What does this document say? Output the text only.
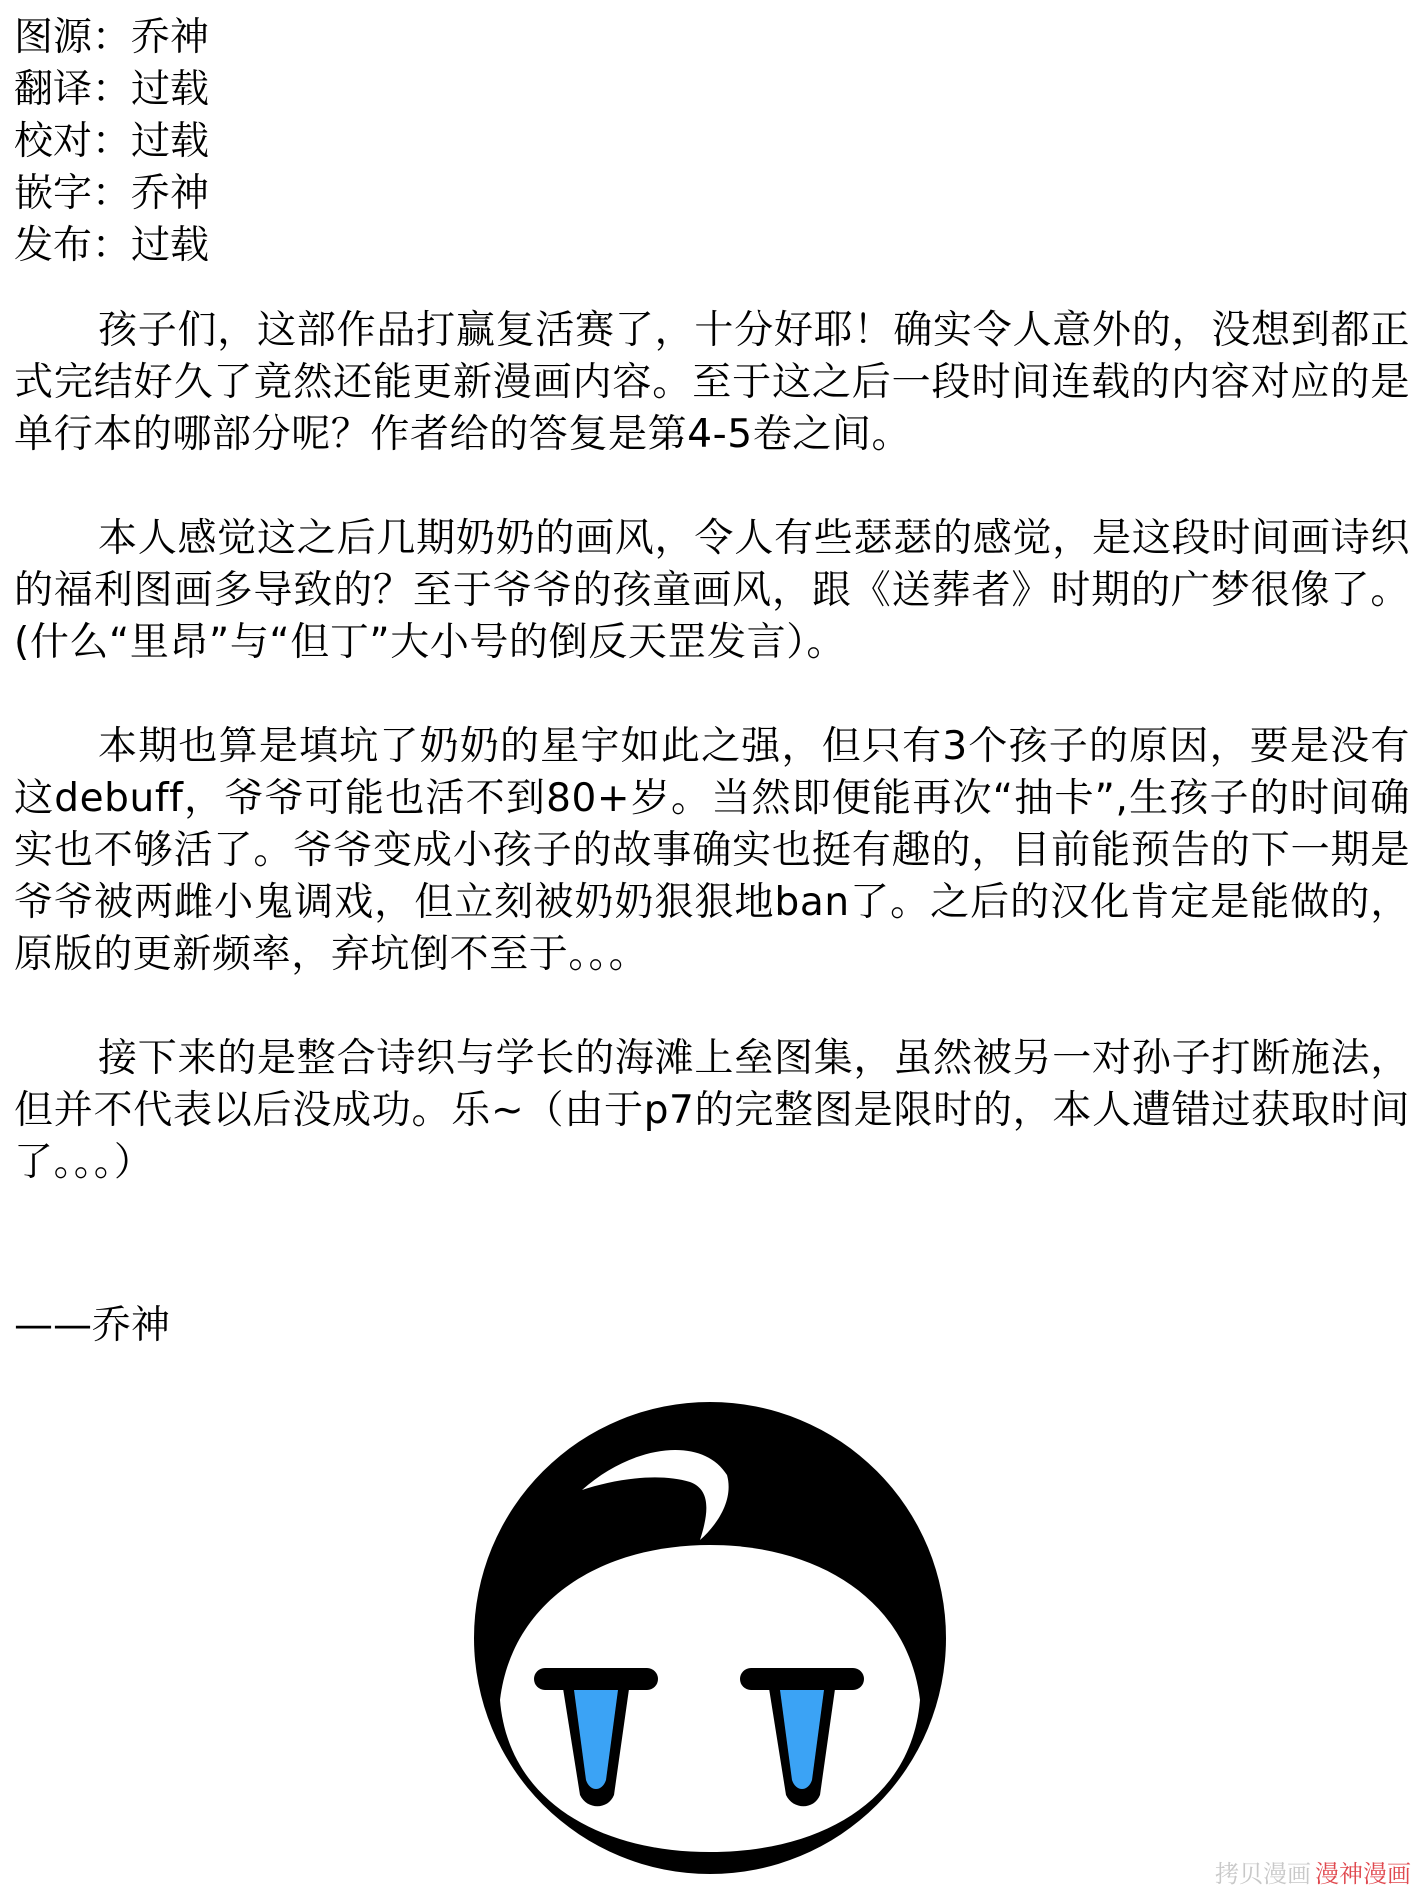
图源：乔神
翻译：过载
校对：过载
嵌字：乔神
发布：过载

孩子们，这部作品打赢复活赛了，十分好耶！确实令人意外的，没想到都正式完结好久了竟然还能更新漫画内容。至于这之后一段时间连载的内容对应的是单行本的哪部分呢？作者给的答复是第4-5卷之间。

本人感觉这之后几期奶奶的画风，令人有些瑟瑟的感觉，是这段时间画诗织的福利图画多导致的？至于爷爷的孩童画风，跟《送葬者》时期的广梦很像了。(什么“里昂”与“但丁”大小号的倒反天罡发言）。

本期也算是填坑了奶奶的星宇如此之强，但只有3个孩子的原因，要是没有这debuff，爷爷可能也活不到80+岁。当然即便能再次“抽卡”,生孩子的时间确实也不够活了。爷爷变成小孩子的故事确实也挺有趣的，目前能预告的下一期是爷爷被两雌小鬼调戏，但立刻被奶奶狠狠地ban了。之后的汉化肯定是能做的，原版的更新频率，弃坑倒不至于。。。

接下来的是整合诗织与学长的海滩上垒图集，虽然被另一对孙子打断施法，但并不代表以后没成功。乐~（由于p7的完整图是限时的，本人遭错过获取时间了。。。）

——乔神
拷贝漫画 漫神漫画
